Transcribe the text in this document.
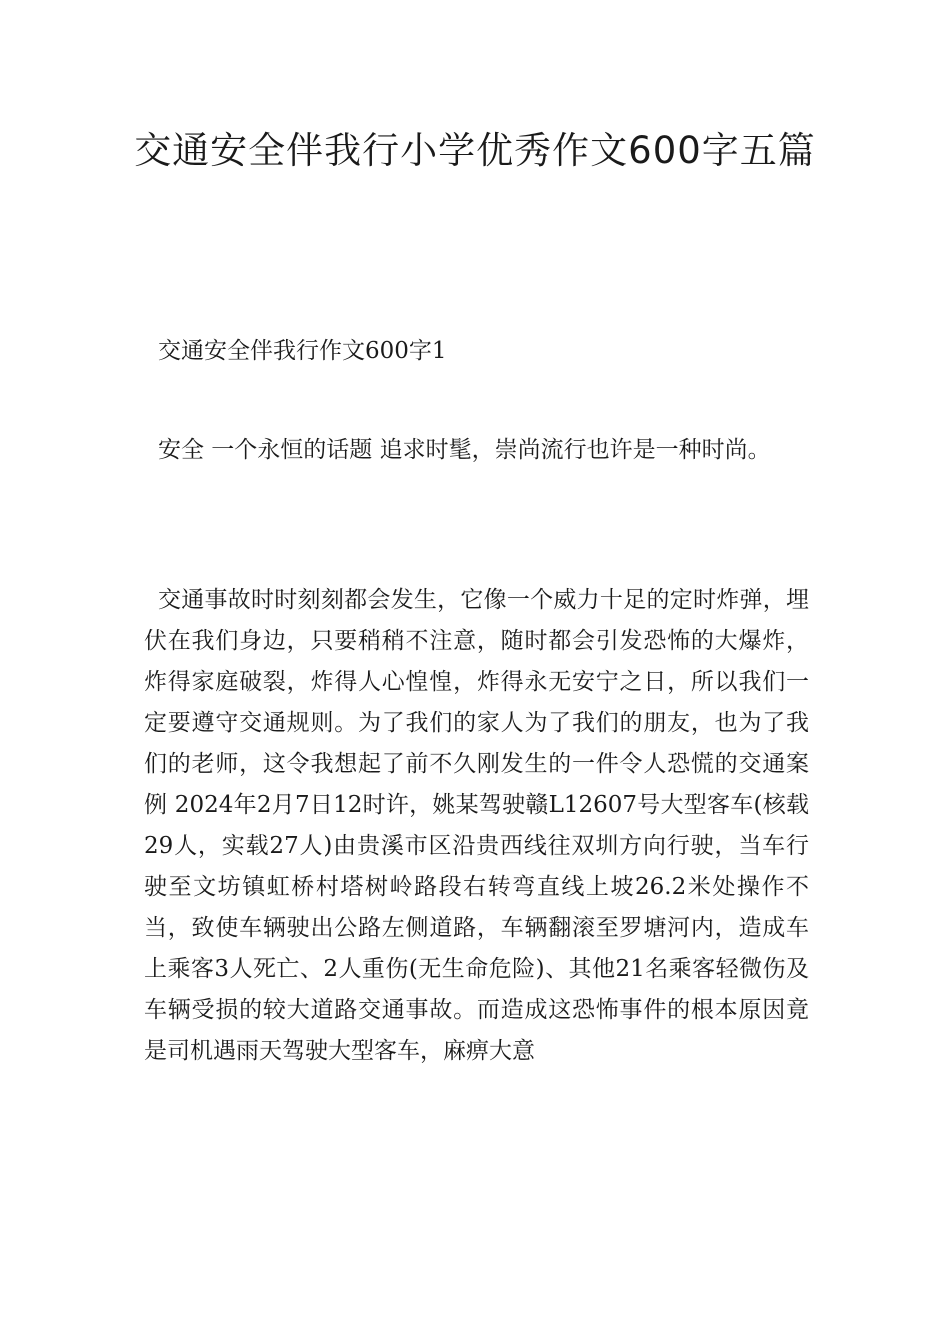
交通安全伴我行小学优秀作文600字五篇
交通安全伴我行作文600字1

安全 一个永恒的话题 追求时髦，崇尚流行也许是一种时尚。

交通事故时时刻刻都会发生，它像一个威力十足的定时炸弹，埋伏在我们身边，只要稍稍不注意，随时都会引发恐怖的大爆炸，炸得家庭破裂，炸得人心惶惶，炸得永无安宁之日，所以我们一定要遵守交通规则。为了我们的家人为了我们的朋友，也为了我们的老师，这令我想起了前不久刚发生的一件令人恐慌的交通案例 2024年2月7日12时许，姚某驾驶赣L12607号大型客车(核载29人，实载27人)由贵溪市区沿贵西线往双圳方向行驶，当车行驶至文坊镇虹桥村塔树岭路段右转弯直线上坡26.2米处操作不当，致使车辆驶出公路左侧道路，车辆翻滚至罗塘河内，造成车上乘客3人死亡、2人重伤(无生命危险)、其他21名乘客轻微伤及车辆受损的较大道路交通事故。而造成这恐怖事件的根本原因竟是司机遇雨天驾驶大型客车，麻痹大意
